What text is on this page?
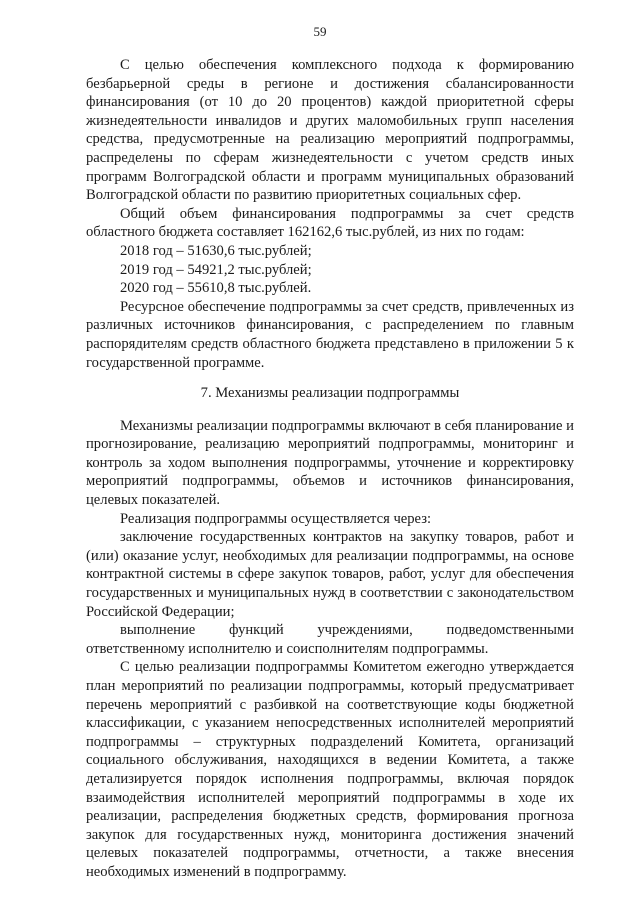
59

С целью обеспечения комплексного подхода к формированию безбарьерной среды в регионе и достижения сбалансированности финансирования (от 10 до 20 процентов) каждой приоритетной сферы жизнедеятельности инвалидов и других маломобильных групп населения средства, предусмотренные на реализацию мероприятий подпрограммы, распределены по сферам жизнедеятельности с учетом средств иных программ Волгоградской области и программ муниципальных образований Волгоградской области по развитию приоритетных социальных сфер.

Общий объем финансирования подпрограммы за счет средств областного бюджета составляет 162162,6 тыс.рублей, из них по годам:

2018 год – 51630,6 тыс.рублей;

2019 год – 54921,2 тыс.рублей;

2020 год – 55610,8 тыс.рублей.

Ресурсное обеспечение подпрограммы за счет средств, привлеченных из различных источников финансирования, с распределением по главным распорядителям средств областного бюджета представлено в приложении 5 к государственной программе.

7. Механизмы реализации подпрограммы

Механизмы реализации подпрограммы включают в себя планирование и прогнозирование, реализацию мероприятий подпрограммы, мониторинг и контроль за ходом выполнения подпрограммы, уточнение и корректировку мероприятий подпрограммы, объемов и источников финансирования, целевых показателей.

Реализация подпрограммы осуществляется через:

заключение государственных контрактов на закупку товаров, работ и (или) оказание услуг, необходимых для реализации подпрограммы, на основе контрактной системы в сфере закупок товаров, работ, услуг для обеспечения государственных и муниципальных нужд в соответствии с законодательством Российской Федерации;

выполнение функций учреждениями, подведомственными ответственному исполнителю и соисполнителям подпрограммы.

С целью реализации подпрограммы Комитетом ежегодно утверждается план мероприятий по реализации подпрограммы, который предусматривает перечень мероприятий с разбивкой на соответствующие коды бюджетной классификации, с указанием непосредственных исполнителей мероприятий подпрограммы – структурных подразделений Комитета, организаций социального обслуживания, находящихся в ведении Комитета, а также детализируется порядок исполнения подпрограммы, включая порядок взаимодействия исполнителей мероприятий подпрограммы в ходе их реализации, распределения бюджетных средств, формирования прогноза закупок для государственных нужд, мониторинга достижения значений целевых показателей подпрограммы, отчетности, а также внесения необходимых изменений в подпрограмму.
